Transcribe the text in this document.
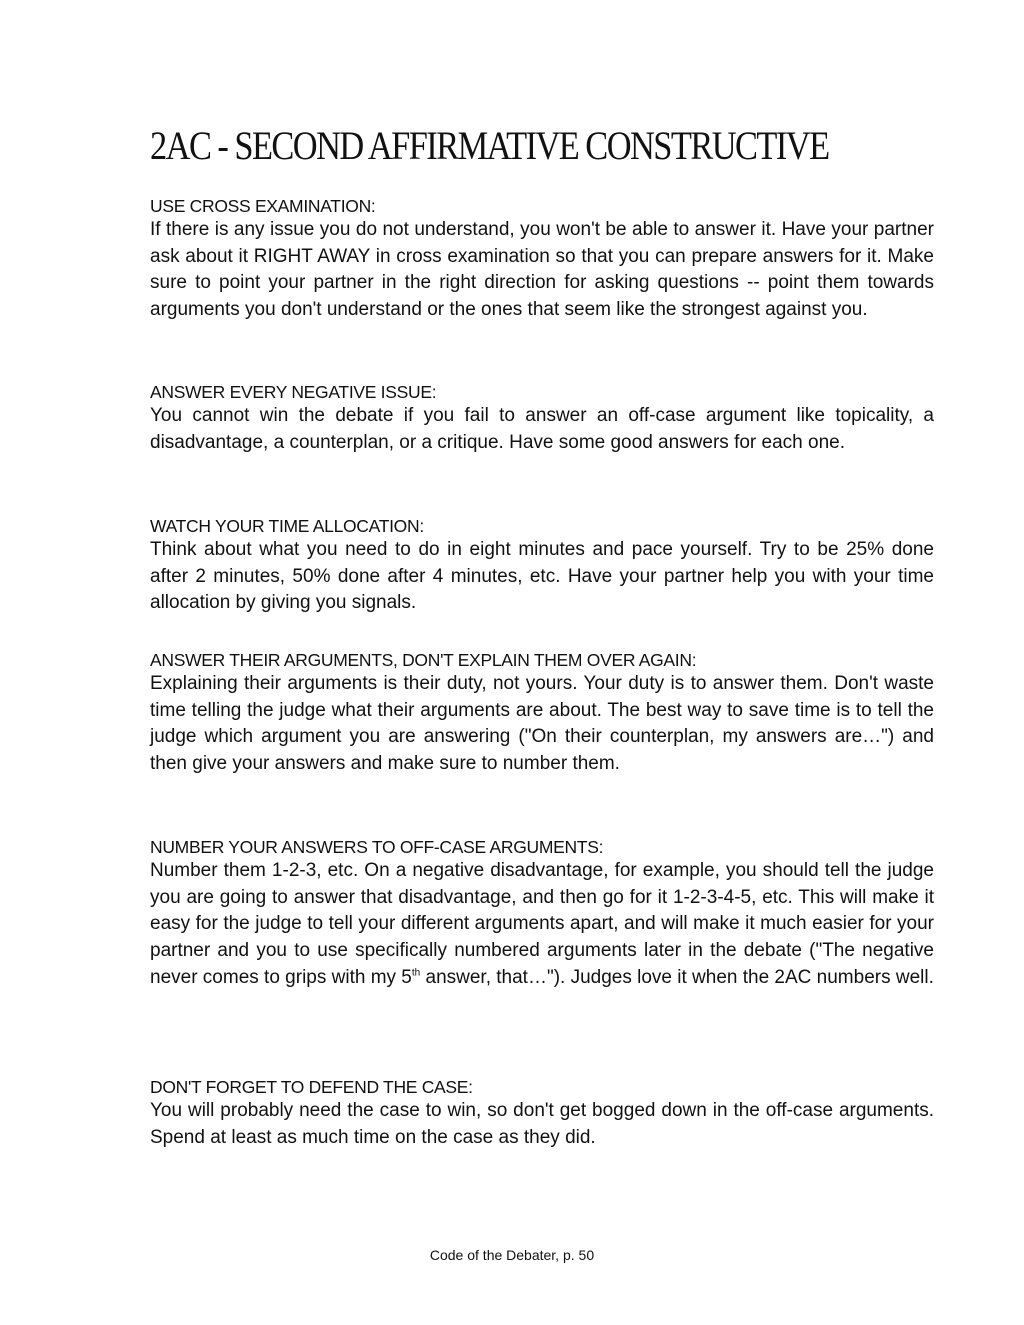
2AC - SECOND AFFIRMATIVE CONSTRUCTIVE

USE CROSS EXAMINATION:

If there is any issue you do not understand, you won't be able to answer it. Have your partner ask about it RIGHT AWAY in cross examination so that you can prepare answers for it. Make sure to point your partner in the right direction for asking questions -- point them towards arguments you don't understand or the ones that seem like the strongest against you.

ANSWER EVERY NEGATIVE ISSUE:

You cannot win the debate if you fail to answer an off-case argument like topicality, a disadvantage, a counterplan, or a critique. Have some good answers for each one.

WATCH YOUR TIME ALLOCATION:

Think about what you need to do in eight minutes and pace yourself. Try to be 25% done after 2 minutes, 50% done after 4 minutes, etc. Have your partner help you with your time allocation by giving you signals.

ANSWER THEIR ARGUMENTS, DON'T EXPLAIN THEM OVER AGAIN:

Explaining their arguments is their duty, not yours. Your duty is to answer them. Don't waste time telling the judge what their arguments are about. The best way to save time is to tell the judge which argument you are answering ("On their counterplan, my answers are…") and then give your answers and make sure to number them.

NUMBER YOUR ANSWERS TO OFF-CASE ARGUMENTS:

Number them 1-2-3, etc. On a negative disadvantage, for example, you should tell the judge you are going to answer that disadvantage, and then go for it 1-2-3-4-5, etc. This will make it easy for the judge to tell your different arguments apart, and will make it much easier for your partner and you to use specifically numbered arguments later in the debate ("The negative never comes to grips with my 5th answer, that…"). Judges love it when the 2AC numbers well.

DON'T FORGET TO DEFEND THE CASE:

You will probably need the case to win, so don't get bogged down in the off-case arguments. Spend at least as much time on the case as they did.

Code of the Debater, p. 50
